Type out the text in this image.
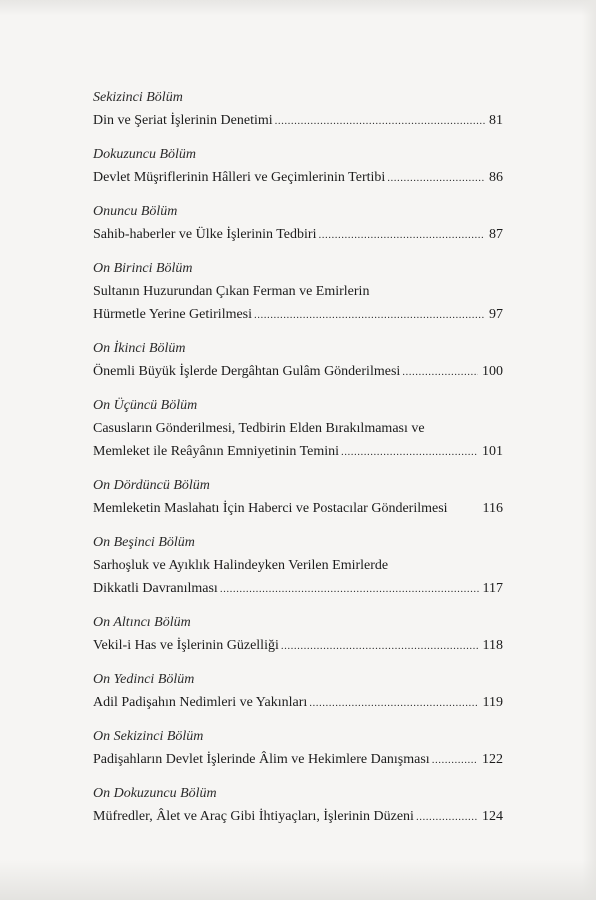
Sekizinci Bölüm
Din ve Şeriat İşlerinin Denetimi .....	81
Dokuzuncu Bölüm
Devlet Müşriflerinin Hâlleri ve Geçimlerinin Tertibi .....	86
Onuncu Bölüm
Sahib-haberler ve Ülke İşlerinin Tedbiri .....	87
On Birinci Bölüm
Sultanın Huzurundan Çıkan Ferman ve Emirlerin
Hürmetle Yerine Getirilmesi .....	97
On İkinci Bölüm
Önemli Büyük İşlerde Dergâhtan Gulâm Gönderilmesi .....	100
On Üçüncü Bölüm
Casusların Gönderilmesi, Tedbirin Elden Bırakılmaması ve
Memleket ile Reâyânın Emniyetinin Temini .....	101
On Dördüncü Bölüm
Memleketin Maslahatı İçin Haberci ve Postacılar Gönderilmesi 116
On Beşinci Bölüm
Sarhoşluk ve Ayıklık Halindeyken Verilen Emirlerde
Dikkatli Davranılması .....	117
On Altıncı Bölüm
Vekil-i Has ve İşlerinin Güzelliği .....	118
On Yedinci Bölüm
Adil Padişahın Nedimleri ve Yakınları .....	119
On Sekizinci Bölüm
Padişahların Devlet İşlerinde Âlim ve Hekimlere Danışması .....	122
On Dokuzuncu Bölüm
Müfredler, Âlet ve Araç Gibi İhtiyaçları, İşlerinin Düzeni .....	124
